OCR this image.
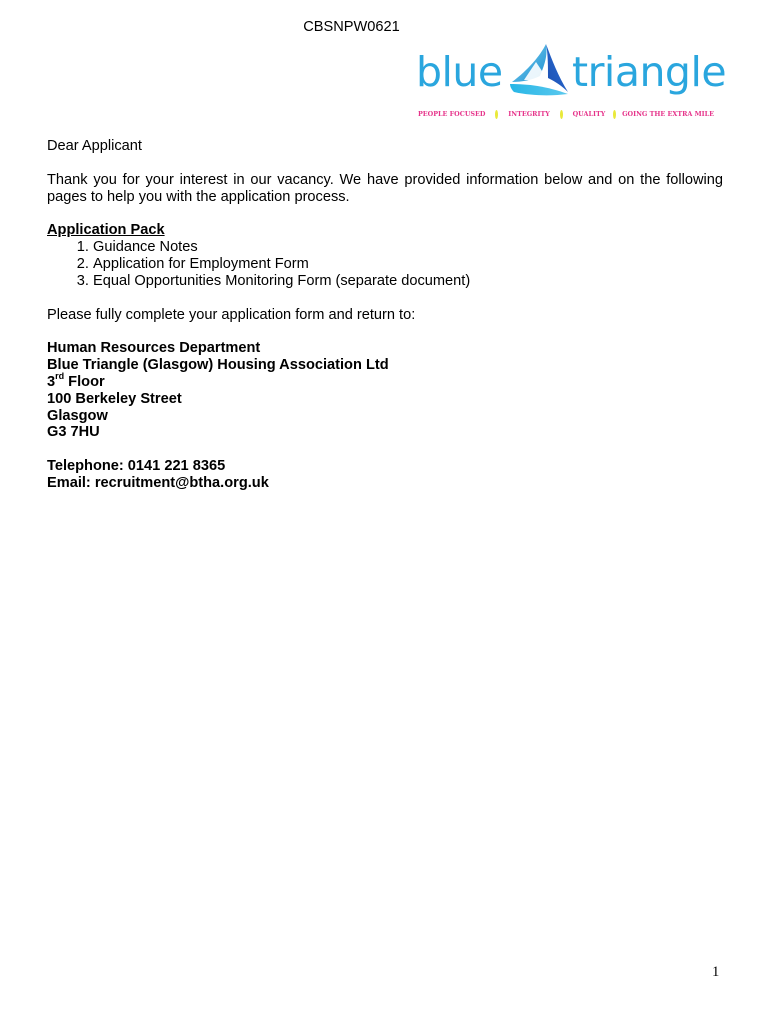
CBSNPW0621
blue triangle
PEOPLE FOCUSED	INTEGRITY	QUALITY	GOING THE EXTRA MILE

Dear Applicant

Thank you for your interest in our vacancy. We have provided information below and on the following pages to help you with the application process.

Application Pack

1. Guidance Notes
2. Application for Employment Form
3. Equal Opportunities Monitoring Form (separate document)

Please fully complete your application form and return to:

Human Resources Department
Blue Triangle (Glasgow) Housing Association Ltd
3rd Floor
100 Berkeley Street
Glasgow
G3 7HU
Telephone: 0141 221 8365
Email: recruitment@btha.org.uk
1
